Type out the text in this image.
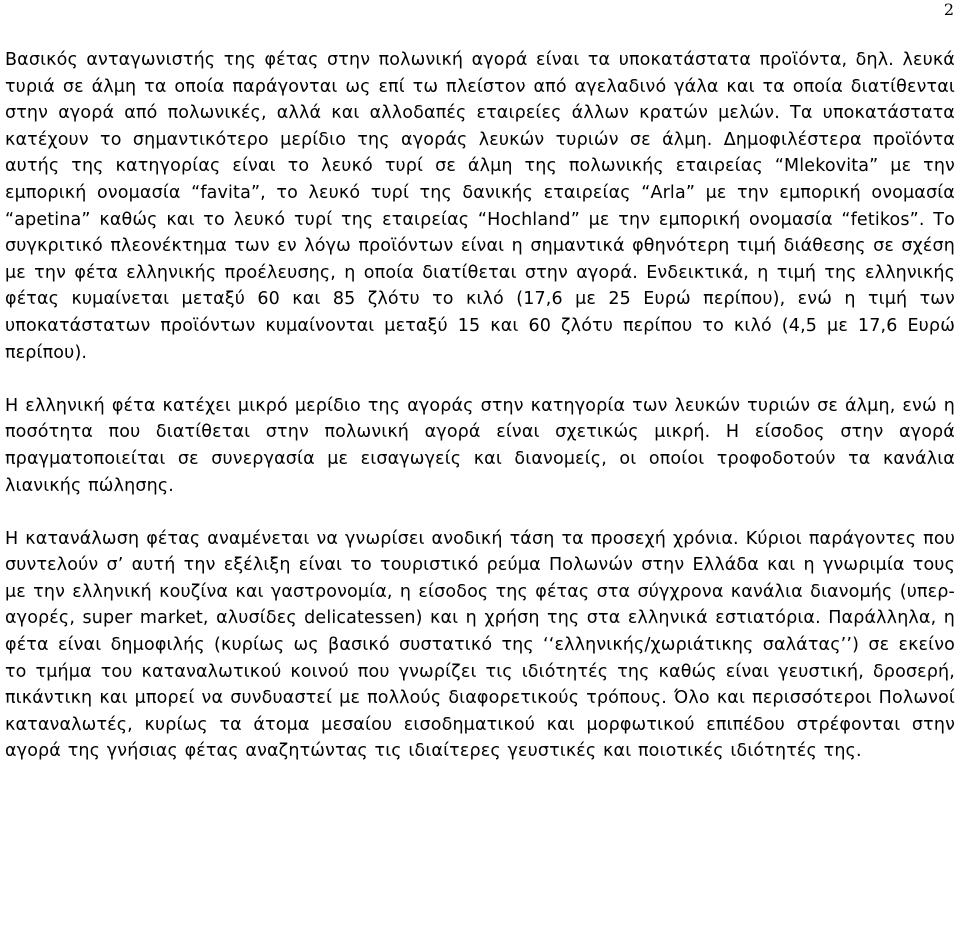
2

Βασικός ανταγωνιστής της φέτας στην πολωνική αγορά είναι τα υποκατάστατα προϊόντα, δηλ. λευκά τυριά σε άλμη τα οποία παράγονται ως επί τω πλείστον από αγελαδινό γάλα και τα οποία διατίθενται στην αγορά από πολωνικές, αλλά και αλλοδαπές εταιρείες άλλων κρατών μελών. Τα υποκατάστατα κατέχουν το σημαντικότερο μερίδιο της αγοράς λευκών τυριών σε άλμη. Δημοφιλέστερα προϊόντα αυτής της κατηγορίας είναι το λευκό τυρί σε άλμη της πολωνικής εταιρείας “Mlekovita” με την εμπορική ονομασία “favita”, το λευκό τυρί της δανικής εταιρείας “Arla” με την εμπορική ονομασία “apetina” καθώς και το λευκό τυρί της εταιρείας “Hochland” με την εμπορική ονομασία “fetikos”. Το συγκριτικό πλεονέκτημα των εν λόγω προϊόντων είναι η σημαντικά φθηνότερη τιμή διάθεσης σε σχέση με την φέτα ελληνικής προέλευσης, η οποία διατίθεται στην αγορά. Ενδεικτικά, η τιμή της ελληνικής φέτας κυμαίνεται μεταξύ 60 και 85 ζλότυ το κιλό (17,6 με 25 Ευρώ περίπου), ενώ η τιμή των υποκατάστατων προϊόντων κυμαίνονται μεταξύ 15 και 60 ζλότυ περίπου το κιλό (4,5 με 17,6 Ευρώ περίπου).

Η ελληνική φέτα κατέχει μικρό μερίδιο της αγοράς στην κατηγορία των λευκών τυριών σε άλμη, ενώ η ποσότητα που διατίθεται στην πολωνική αγορά είναι σχετικώς μικρή. Η είσοδος στην αγορά πραγματοποιείται σε συνεργασία με εισαγωγείς και διανομείς, οι οποίοι τροφοδοτούν τα κανάλια λιανικής πώλησης.

Η κατανάλωση φέτας αναμένεται να γνωρίσει ανοδική τάση τα προσεχή χρόνια. Κύριοι παράγοντες που συντελούν σ’ αυτή την εξέλιξη είναι το τουριστικό ρεύμα Πολωνών στην Ελλάδα και η γνωριμία τους με την ελληνική κουζίνα και γαστρονομία, η είσοδος της φέτας στα σύγχρονα κανάλια διανομής (υπερ-αγορές, super market, αλυσίδες delicatessen) και η χρήση της στα ελληνικά εστιατόρια. Παράλληλα, η φέτα είναι δημοφιλής (κυρίως ως βασικό συστατικό της ‘‘ελληνικής/χωριάτικης σαλάτας’’) σε εκείνο το τμήμα του καταναλωτικού κοινού που γνωρίζει τις ιδιότητές της καθώς είναι γευστική, δροσερή, πικάντικη και μπορεί να συνδυαστεί με πολλούς διαφορετικούς τρόπους. Όλο και περισσότεροι Πολωνοί καταναλωτές, κυρίως τα άτομα μεσαίου εισοδηματικού και μορφωτικού επιπέδου στρέφονται στην αγορά της γνήσιας φέτας αναζητώντας τις ιδιαίτερες γευστικές και ποιοτικές ιδιότητές της.
